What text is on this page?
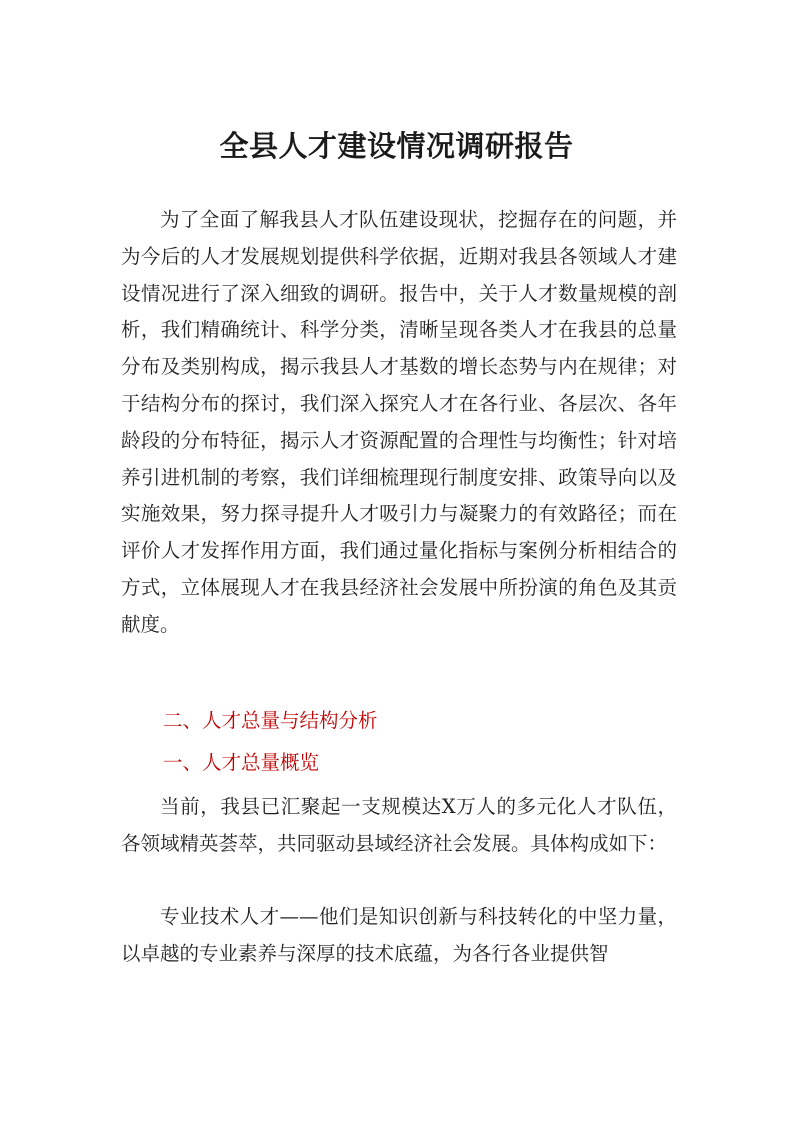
全县人才建设情况调研报告

为了全面了解我县人才队伍建设现状，挖掘存在的问题，并为今后的人才发展规划提供科学依据，近期对我县各领域人才建设情况进行了深入细致的调研。报告中，关于人才数量规模的剖析，我们精确统计、科学分类，清晰呈现各类人才在我县的总量分布及类别构成，揭示我县人才基数的增长态势与内在规律；对于结构分布的探讨，我们深入探究人才在各行业、各层次、各年龄段的分布特征，揭示人才资源配置的合理性与均衡性；针对培养引进机制的考察，我们详细梳理现行制度安排、政策导向以及实施效果，努力探寻提升人才吸引力与凝聚力的有效路径；而在评价人才发挥作用方面，我们通过量化指标与案例分析相结合的方式，立体展现人才在我县经济社会发展中所扮演的角色及其贡献度。

二、人才总量与结构分析

一、人才总量概览

当前，我县已汇聚起一支规模达X万人的多元化人才队伍，各领域精英荟萃，共同驱动县域经济社会发展。具体构成如下：

专业技术人才——他们是知识创新与科技转化的中坚力量，以卓越的专业素养与深厚的技术底蕴，为各行各业提供智
